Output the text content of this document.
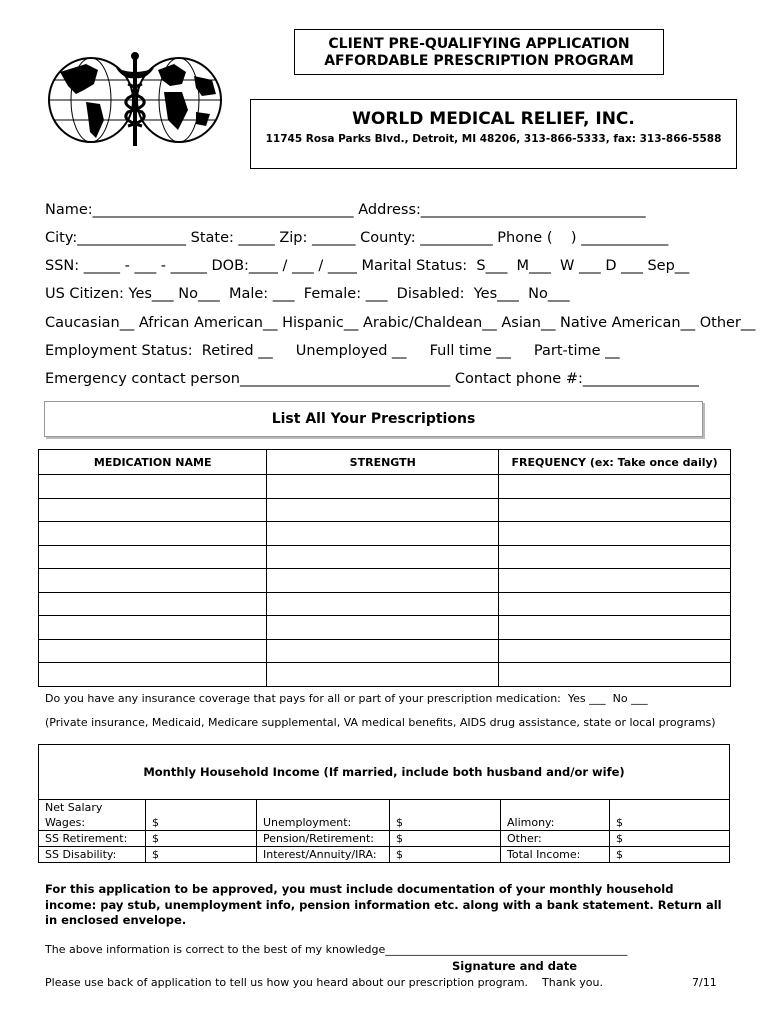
CLIENT PRE-QUALIFYING APPLICATION
AFFORDABLE PRESCRIPTION PROGRAM
WORLD MEDICAL RELIEF, INC.
11745 Rosa Parks Blvd., Detroit, MI 48206, 313-866-5333, fax: 313-866-5588
Name:____________________________________ Address:_______________________________
City:_______________ State: _____ Zip: ______ County: __________ Phone (    ) ____________
SSN: _____ - ___ - _____ DOB:____ / ___ / ____ Marital Status:  S___  M___  W ___ D ___ Sep__
US Citizen: Yes___ No___  Male: ___  Female: ___  Disabled:  Yes___  No___
Caucasian__ African American__ Hispanic__ Arabic/Chaldean__ Asian__ Native American__ Other__
Employment Status:  Retired __     Unemployed __     Full time __     Part-time __
Emergency contact person_____________________________ Contact phone #:________________
List All Your Prescriptions
MEDICATION NAME	STRENGTH	FREQUENCY (ex: Take once daily)

Do you have any insurance coverage that pays for all or part of your prescription medication:  Yes ___  No ___
(Private insurance, Medicaid, Medicare supplemental, VA medical benefits, AIDS drug assistance, state or local programs)
Monthly Household Income (If married, include both husband and/or wife)
Net Salary
Wages:	$	Unemployment:	$	Alimony:	$
SS Retirement:	$	Pension/Retirement:	$	Other:	$
SS Disability:	$	Interest/Annuity/IRA:	$	Total Income:	$
For this application to be approved, you must include documentation of your monthly household income: pay stub, unemployment info, pension information etc. along with a bank statement. Return all in enclosed envelope.
The above information is correct to the best of my knowledge____________________________________________
Signature and date
Please use back of application to tell us how you heard about our prescription program.    Thank you.	7/11
